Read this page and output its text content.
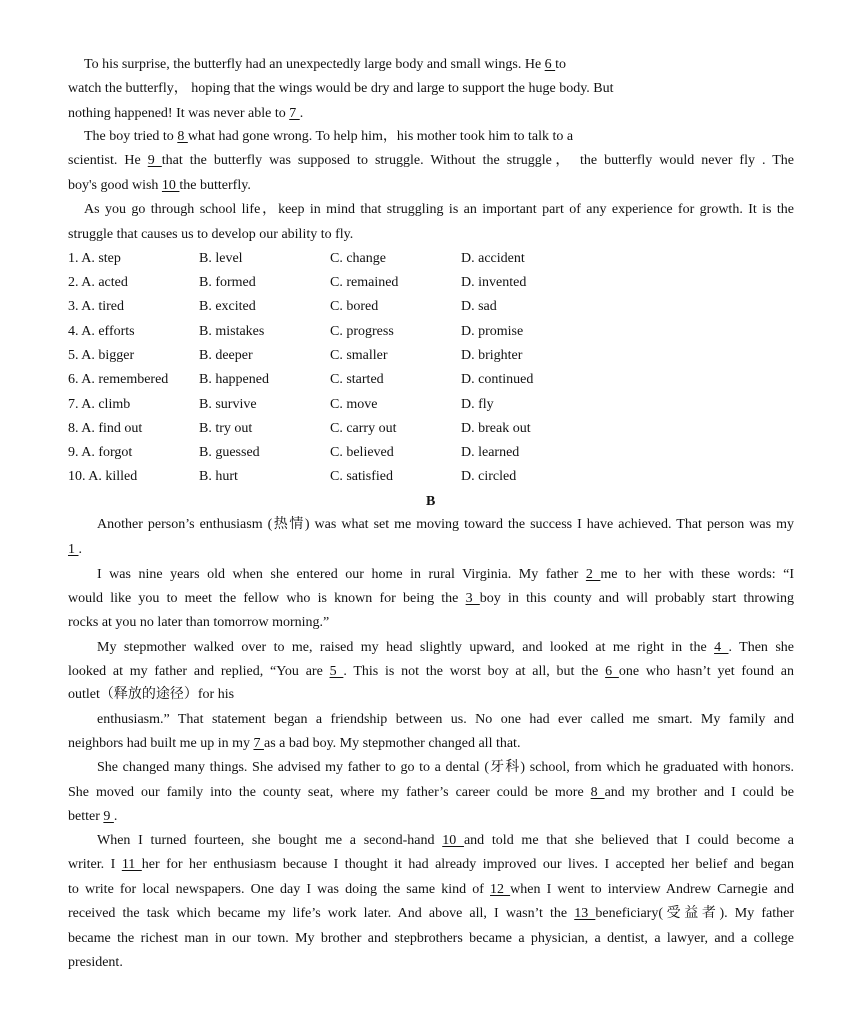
To his surprise, the butterfly had an unexpectedly large body and small wings. He 6 to
watch the butterfly， hoping that the wings would be dry and large to support the huge body. But
nothing happened! It was never able to 7 .
The boy tried to 8 what had gone wrong. To help him，his mother took him to talk to a
scientist. He 9 that the butterfly was supposed to struggle. Without the struggle， the butterfly would never fly . The
boy's good wish 10 the butterfly.
As you go through school life，keep in mind that struggling is an important part of any experience for growth. It is the
struggle that causes us to develop our ability to fly.
1. A. step	B. level	C. change	D. accident
2. A. acted	B. formed	C. remained	D. invented
3. A. tired	B. excited	C. bored	D. sad
4. A. efforts	B. mistakes	C. progress	D. promise
5. A. bigger	B. deeper	C. smaller	D. brighter
6. A. remembered B. happened	C. started	D. continued
7. A. climb	B. survive	C. move	D. fly
8. A. find out	B. try out	C. carry out	D. break out
9. A. forgot	B. guessed	C. believed	D. learned
10. A. killed	B. hurt	C. satisfied	D. circled
B
Another person’s enthusiasm (热情) was what set me moving toward the success I have achieved. That person was my
1 .
I was nine years old when she entered our home in rural Virginia. My father 2 me to her with these words: “I
would like you to meet the fellow who is known for being the 3 boy in this county and will probably start throwing
rocks at you no later than tomorrow morning.”
My stepmother walked over to me, raised my head slightly upward, and looked at me right in the 4 . Then she
looked at my father and replied, “You are 5 . This is not the worst boy at all, but the 6 one who hasn’t yet found an
outlet（释放的途径）for his
enthusiasm.” That statement began a friendship between us. No one had ever called me smart. My family and
neighbors had built me up in my 7 as a bad boy. My stepmother changed all that.
She changed many things. She advised my father to go to a dental (牙科) school, from which he graduated with honors.
She moved our family into the county seat, where my father’s career could be more 8 and my brother and I could be
better 9 .
When I turned fourteen, she bought me a second-hand 10 and told me that she believed that I could become a
writer. I 11 her for her enthusiasm because I thought it had already improved our lives. I accepted her belief and began
to write for local newspapers. One day I was doing the same kind of 12 when I went to interview Andrew Carnegie and
received the task which became my life’s work later. And above all, I wasn’t the 13 beneficiary(受益者). My father
became the richest man in our town. My brother and stepbrothers became a physician, a dentist, a lawyer, and a college
president.
